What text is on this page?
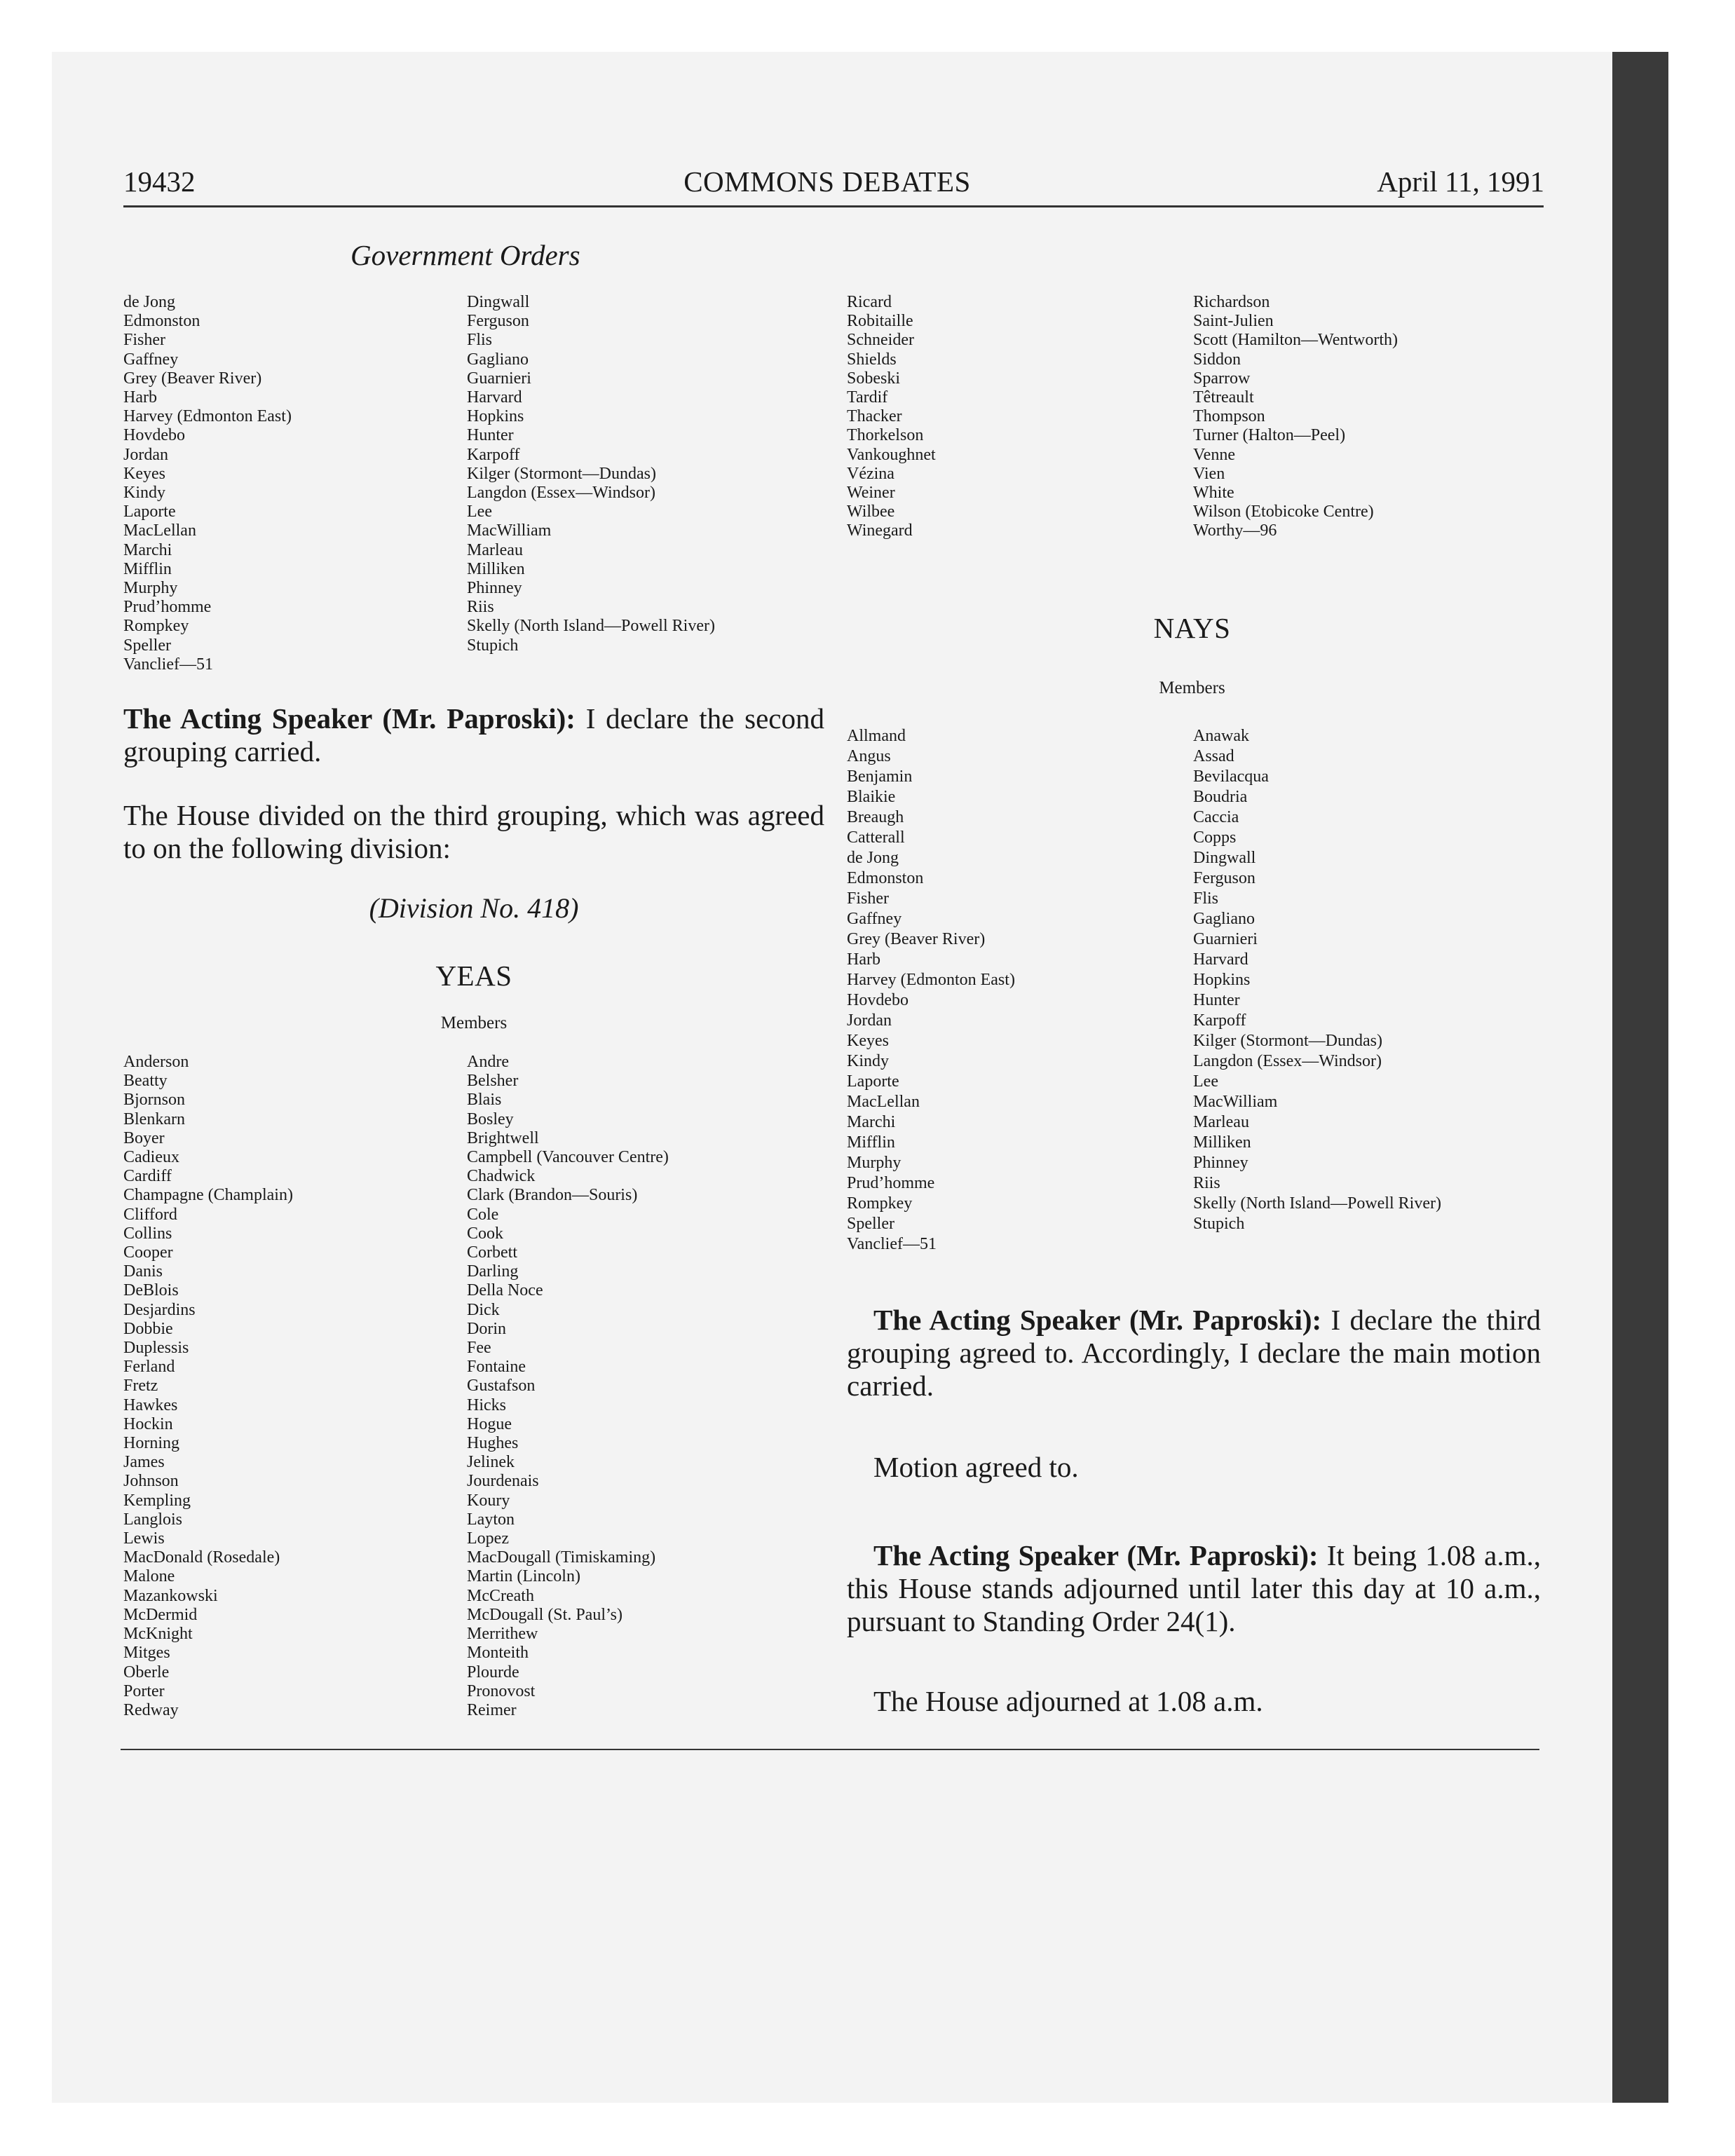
19432	COMMONS DEBATES	April 11, 1991
Government Orders
de Jong
Edmonston
Fisher
Gaffney
Grey (Beaver River)
Harb
Harvey (Edmonton East)
Hovdebo
Jordan
Keyes
Kindy
Laporte
MacLellan
Marchi
Mifflin
Murphy
Prud’homme
Rompkey
Speller
Vanclief—51
Dingwall
Ferguson
Flis
Gagliano
Guarnieri
Harvard
Hopkins
Hunter
Karpoff
Kilger (Stormont—Dundas)
Langdon (Essex—Windsor)
Lee
MacWilliam
Marleau
Milliken
Phinney
Riis
Skelly (North Island—Powell River)
Stupich
The Acting Speaker (Mr. Paproski): I declare the second grouping carried.
The House divided on the third grouping, which was agreed to on the following division:
(Division No. 418)
YEAS
Members
Anderson
Beatty
Bjornson
Blenkarn
Boyer
Cadieux
Cardiff
Champagne (Champlain)
Clifford
Collins
Cooper
Danis
DeBlois
Desjardins
Dobbie
Duplessis
Ferland
Fretz
Hawkes
Hockin
Horning
James
Johnson
Kempling
Langlois
Lewis
MacDonald (Rosedale)
Malone
Mazankowski
McDermid
McKnight
Mitges
Oberle
Porter
Redway
Andre
Belsher
Blais
Bosley
Brightwell
Campbell (Vancouver Centre)
Chadwick
Clark (Brandon—Souris)
Cole
Cook
Corbett
Darling
Della Noce
Dick
Dorin
Fee
Fontaine
Gustafson
Hicks
Hogue
Hughes
Jelinek
Jourdenais
Koury
Layton
Lopez
MacDougall (Timiskaming)
Martin (Lincoln)
McCreath
McDougall (St. Paul’s)
Merrithew
Monteith
Plourde
Pronovost
Reimer
Ricard
Robitaille
Schneider
Shields
Sobeski
Tardif
Thacker
Thorkelson
Vankoughnet
Vézina
Weiner
Wilbee
Winegard
Richardson
Saint-Julien
Scott (Hamilton—Wentworth)
Siddon
Sparrow
Têtreault
Thompson
Turner (Halton—Peel)
Venne
Vien
White
Wilson (Etobicoke Centre)
Worthy—96
NAYS
Members
Allmand
Angus
Benjamin
Blaikie
Breaugh
Catterall
de Jong
Edmonston
Fisher
Gaffney
Grey (Beaver River)
Harb
Harvey (Edmonton East)
Hovdebo
Jordan
Keyes
Kindy
Laporte
MacLellan
Marchi
Mifflin
Murphy
Prud’homme
Rompkey
Speller
Vanclief—51
Anawak
Assad
Bevilacqua
Boudria
Caccia
Copps
Dingwall
Ferguson
Flis
Gagliano
Guarnieri
Harvard
Hopkins
Hunter
Karpoff
Kilger (Stormont—Dundas)
Langdon (Essex—Windsor)
Lee
MacWilliam
Marleau
Milliken
Phinney
Riis
Skelly (North Island—Powell River)
Stupich
The Acting Speaker (Mr. Paproski): I declare the third grouping agreed to. Accordingly, I declare the main motion carried.
Motion agreed to.
The Acting Speaker (Mr. Paproski): It being 1.08 a.m., this House stands adjourned until later this day at 10 a.m., pursuant to Standing Order 24(1).
The House adjourned at 1.08 a.m.
